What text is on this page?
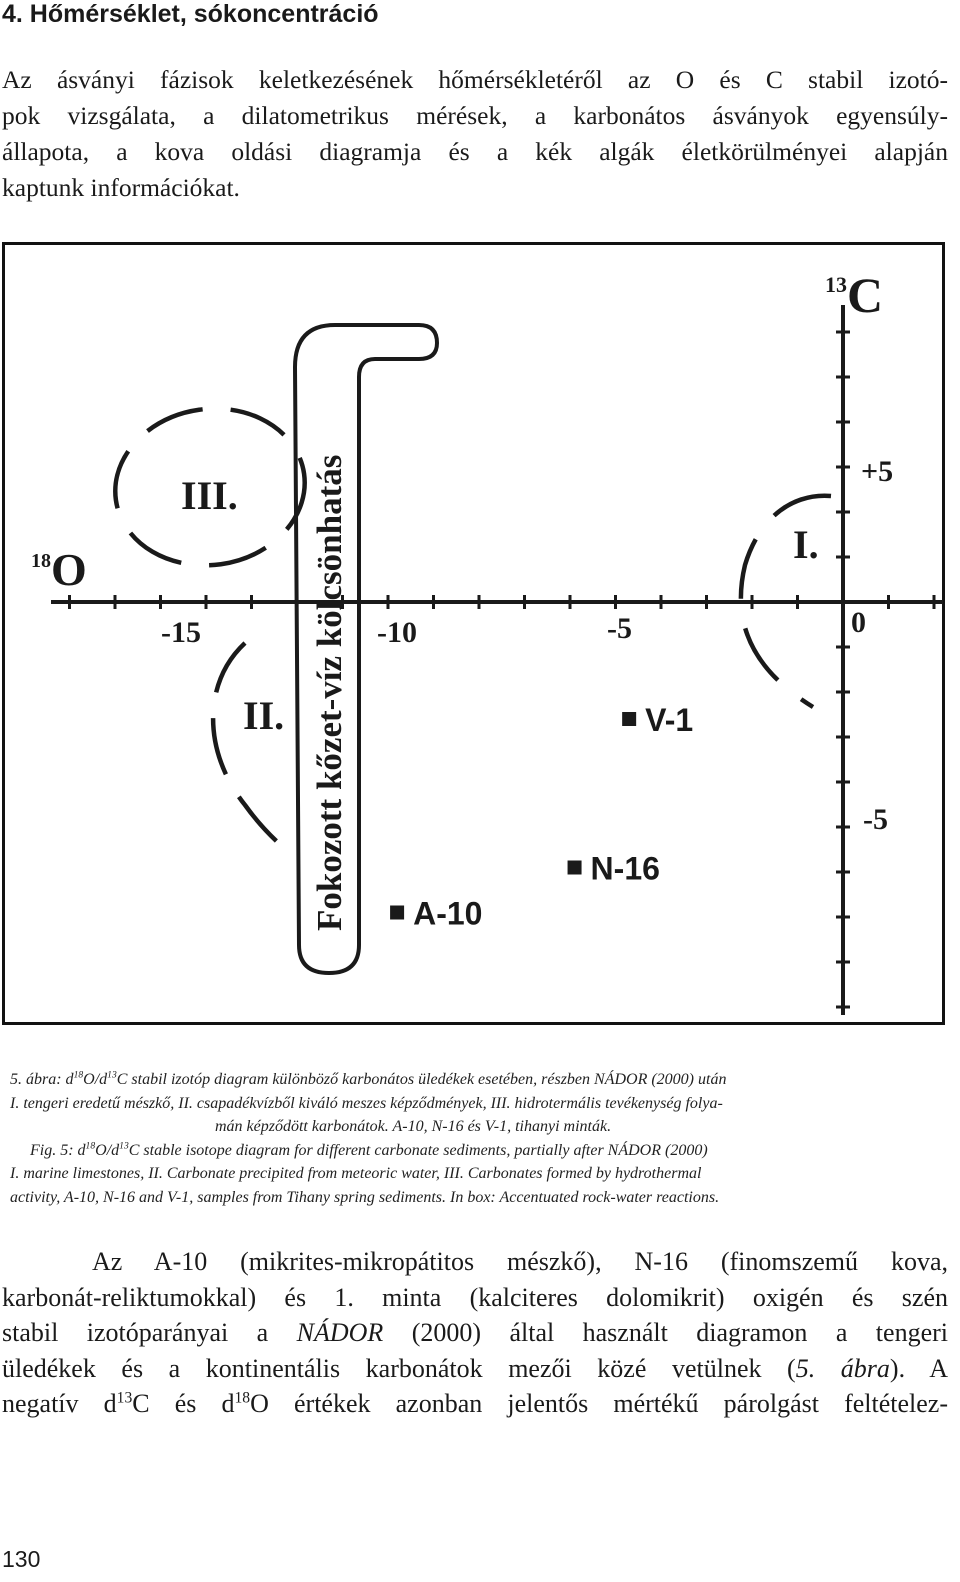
4. Hőmérséklet, sókoncentráció
Az ásványi fázisok keletkezésének hőmérsékletéről az O és C stabil izotó-
pok vizsgálata, a dilatometrikus mérések, a karbonátos ásványok egyensúly-
állapota, a kova oldási diagramja és a kék algák életkörülményei alapján
kaptunk információkat.
$^{13}$C
$^{18}$O
-15	-10	-5	0
+5
-5
III.
II.
I.
Fokozott kőzet-víz kölcsönhatás	V-1
N-16
A-10
5. ábra: $d^{18}O/d^{13}C$ stabil izotóp diagram különböző karbonátos üledékek esetében, részben NÁDOR (2000) után
I. tengeri eredetű mészkő, II. csapadékvízből kiváló meszes képződmények, III. hidrotermális tevékenység folya-
mán képződött karbonátok. A-10, N-16 és V-1, tihanyi minták.
Fig. 5: $d^{18}O/d^{13}C$ stable isotope diagram for different carbonate sediments, partially after NÁDOR (2000)
I. marine limestones, II. Carbonate precipited from meteoric water, III. Carbonates formed by hydrothermal
activity, A-10, N-16 and V-1, samples from Tihany spring sediments. In box: Accentuated rock-water reactions.
Az A-10 (mikrites-mikropátitos mészkő), N-16 (finomszemű kova,
karbonát-reliktumokkal) és 1. minta (kalciteres dolomikrit) oxigén és szén
stabil izotóparányai a NÁDOR (2000) által használt diagramon a tengeri
üledékek és a kontinentális karbonátok mezői közé vetülnek (5. ábra). A
negatív $d^{13}C$ és $d^{18}O$ értékek azonban jelentős mértékű párolgást feltételez-
130
